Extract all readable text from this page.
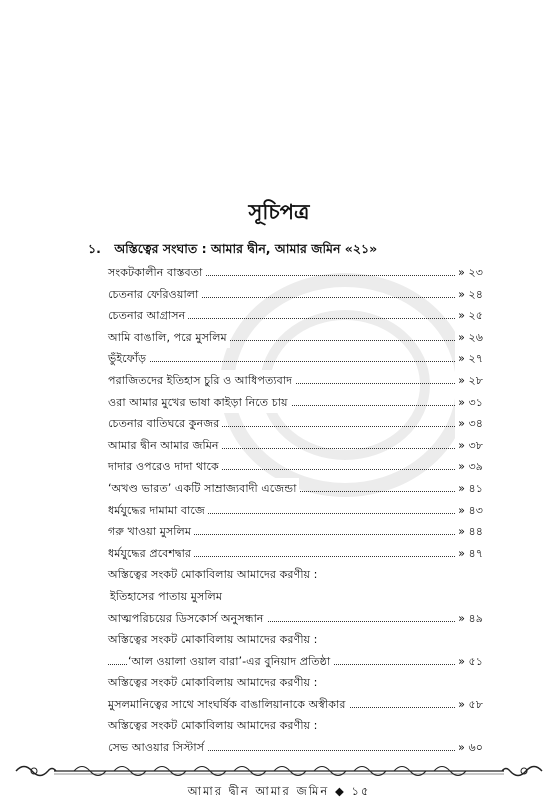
সূচিপত্র
১. অস্তিত্বের সংঘাত : আমার দ্বীন, আমার জমিন «২১»
সংকটকালীন বাস্তবতা	» ২৩
চেতনার ফেরিওয়ালা	» ২৪
চেতনার আগ্রাসন	» ২৫
আমি বাঙালি, পরে মুসলিম	» ২৬
ভুঁইফোঁড়	» ২৭
পরাজিতদের ইতিহাস চুরি ও আধিপত্যবাদ	» ২৮
ওরা আমার মুখের ভাষা কাইড়া নিতে চায়	» ৩১
চেতনার বাতিঘরে কুনজর	» ৩৪
আমার দ্বীন আমার জমিন	» ৩৮
দাদার ওপরেও দাদা থাকে	» ৩৯
‘অখণ্ড ভারত’ একটি সাম্রাজ্যবাদী এজেন্ডা	» ৪১
ধর্মযুদ্ধের দামামা বাজে	» ৪৩
গরু খাওয়া মুসলিম	» ৪৪
ধর্মযুদ্ধের প্রবেশদ্বার	» ৪৭
অস্তিত্বের সংকট মোকাবিলায় আমাদের করণীয় :
ইতিহাসের পাতায় মুসলিম
আত্মপরিচয়ের ডিসকোর্স অনুসন্ধান	» ৪৯
অস্তিত্বের সংকট মোকাবিলায় আমাদের করণীয় :
‘আল ওয়ালা ওয়াল বারা’-এর বুনিয়াদ প্রতিষ্ঠা	» ৫১
অস্তিত্বের সংকট মোকাবিলায় আমাদের করণীয় :
মুসলমানিত্বের সাথে সাংঘর্ষিক বাঙালিয়ানাকে অস্বীকার	» ৫৮
অস্তিত্বের সংকট মোকাবিলায় আমাদের করণীয় :
সেভ আওয়ার সিস্টার্স	» ৬০
আমার দ্বীন আমার জমিন ◆ ১৫
